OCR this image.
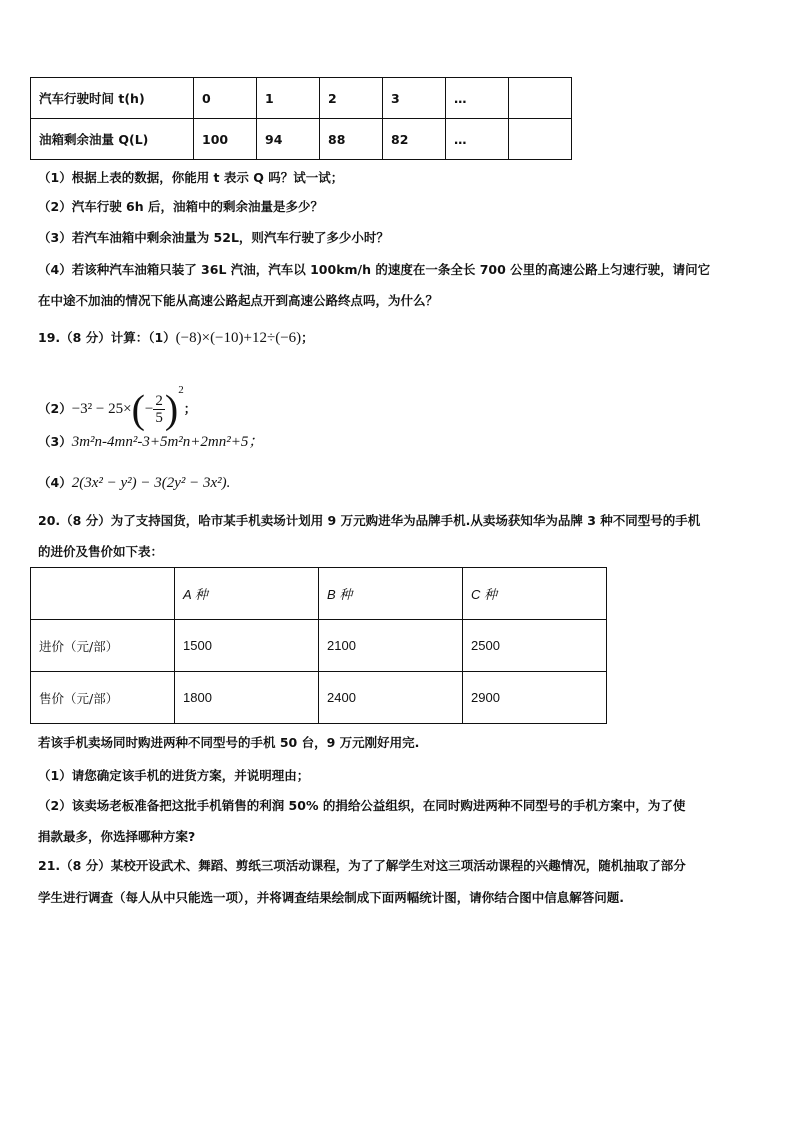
汽车行驶时间 t(h)	0	1	2	3	…	
油箱剩余油量 Q(L)	100	94	88	82	…	
（1）根据上表的数据，你能用 t 表示 Q 吗？试一试；
（2）汽车行驶 6h 后，油箱中的剩余油量是多少？
（3）若汽车油箱中剩余油量为 52L，则汽车行驶了多少小时？
（4）若该种汽车油箱只装了 36L 汽油，汽车以 100km/h 的速度在一条全长 700 公里的高速公路上匀速行驶，请问它
在中途不加油的情况下能从高速公路起点开到高速公路终点吗，为什么？
19.（8 分）计算：（1）(−8)×(−10)+12÷(−6)；
$(2)-3^2 - 25\times(- \frac{2}{5} )^2$；
（3）3m²n-4mn²-3+5m²n+2mn²+5；
（4）2(3x² − y²) − 3(2y² − 3x²).
20.（8 分）为了支持国货，哈市某手机卖场计划用 9 万元购进华为品牌手机.从卖场获知华为品牌 3 种不同型号的手机
的进价及售价如下表：
	A 种	B 种	C 种
进价（元/部）	1500	2100	2500
售价（元/部）	1800	2400	2900
若该手机卖场同时购进两种不同型号的手机 50 台，9 万元刚好用完.
（1）请您确定该手机的进货方案，并说明理由；
（2）该卖场老板准备把这批手机销售的利润 50% 的捐给公益组织，在同时购进两种不同型号的手机方案中，为了使
捐款最多，你选择哪种方案?
21.（8 分）某校开设武术、舞蹈、剪纸三项活动课程，为了了解学生对这三项活动课程的兴趣情况，随机抽取了部分
学生进行调查（每人从中只能选一项），并将调查结果绘制成下面两幅统计图，请你结合图中信息解答问题.
